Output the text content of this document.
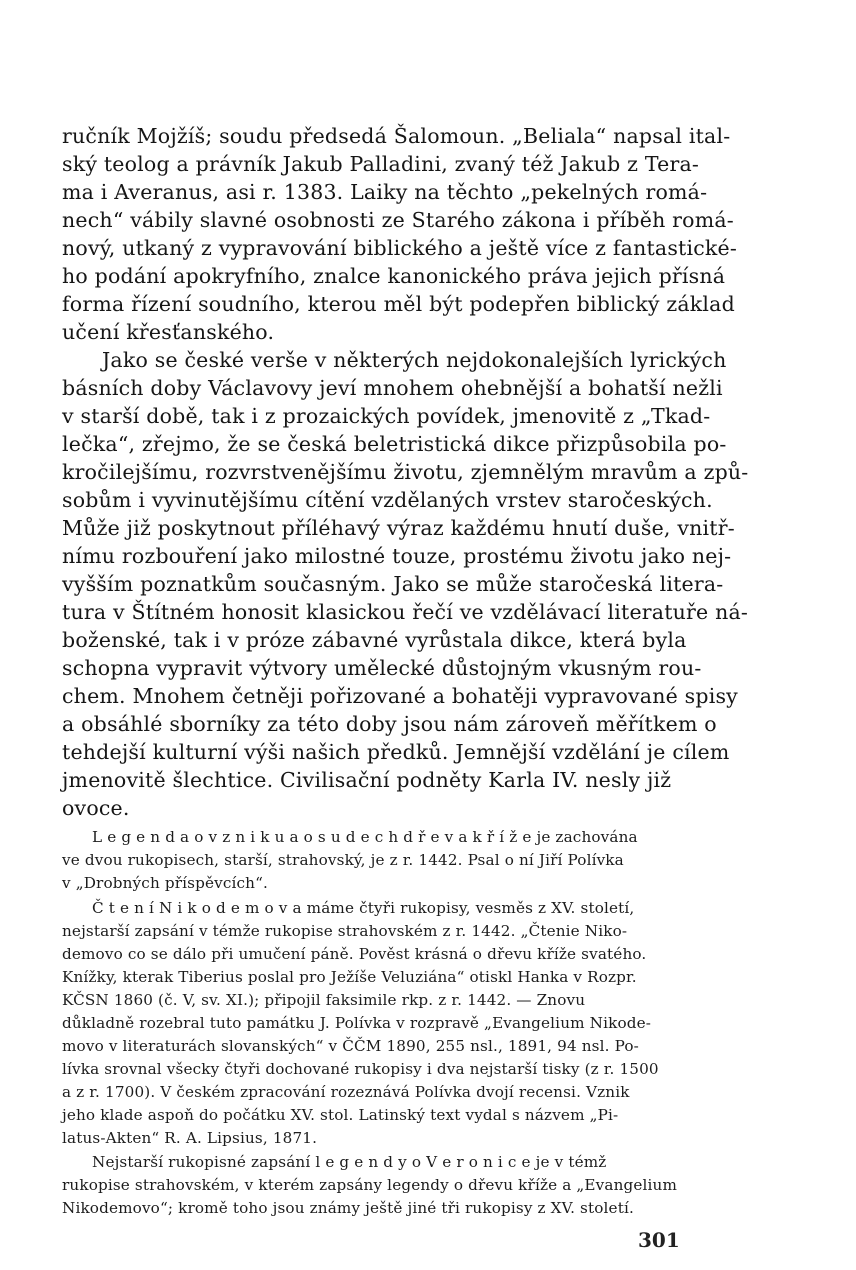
ručník Mojžíš; soudu předsedá Šalomoun. „Beliala“ napsal ital-
ský teolog a právník Jakub Palladini, zvaný též Jakub z Tera-
ma i Averanus, asi r. 1383. Laiky na těchto „pekelných romá-
nech“ vábily slavné osobnosti ze Starého zákona i příběh romá-
nový, utkaný z vypravování biblického a ještě více z fantastické-
ho podání apokryfního, znalce kanonického práva jejich přísná
forma řízení soudního, kterou měl být podepřen biblický základ
učení křesťanského.
Jako se české verše v některých nejdokonalejších lyrických
básních doby Václavovy jeví mnohem ohebnější a bohatší nežli
v starší době, tak i z prozaických povídek, jmenovitě z „Tkad-
lečka“, zřejmo, že se česká beletristická dikce přizpůsobila po-
kročilejšímu, rozvrstvenějšímu životu, zjemnělým mravům a způ-
sobům i vyvinutějšímu cítění vzdělaných vrstev staročeských.
Může již poskytnout příléhavý výraz každému hnutí duše, vnitř-
nímu rozbouření jako milostné touze, prostému životu jako nej-
vyšším poznatkům současným. Jako se může staročeská litera-
tura v Štítném honosit klasickou řečí ve vzdělávací literatuře ná-
boženské, tak i v próze zábavné vyrůstala dikce, která byla
schopna vypravit výtvory umělecké důstojným vkusným rou-
chem. Mnohem četněji pořizované a bohatěji vypravované spisy
a obsáhlé sborníky za této doby jsou nám zároveň měřítkem o
tehdejší kulturní výši našich předků. Jemnější vzdělání je cílem
jmenovitě šlechtice. Civilisační podněty Karla IV. nesly již
ovoce.
L e g e n d a o v z n i k u a o s u d e c h d ř e v a k ř í ž e je zachována
ve dvou rukopisech, starší, strahovský, je z r. 1442. Psal o ní Jiří Polívka
v „Drobných příspěvcích“.
Č t e n í N i k o d e m o v a máme čtyři rukopisy, vesměs z XV. století,
nejstarší zapsání v témže rukopise strahovském z r. 1442. „Čtenie Niko-
demovo co se dálo při umučení páně. Pověst krásná o dřevu kříže svatého.
Knížky, kterak Tiberius poslal pro Ježíše Veluziána“ otiskl Hanka v Rozpr.
KČSN 1860 (č. V, sv. XI.); připojil faksimile rkp. z r. 1442. — Znovu
důkladně rozebral tuto památku J. Polívka v rozpravě „Evangelium Nikode-
movo v literaturách slovanských“ v ČČM 1890, 255 nsl., 1891, 94 nsl. Po-
lívka srovnal všecky čtyři dochované rukopisy i dva nejstarší tisky (z r. 1500
a z r. 1700). V českém zpracování rozeznává Polívka dvojí recensi. Vznik
jeho klade aspoň do počátku XV. stol. Latinský text vydal s názvem „Pi-
latus-Akten“ R. A. Lipsius, 1871.
Nejstarší rukopisné zapsání l e g e n d y o V e r o n i c e je v témž
rukopise strahovském, v kterém zapsány legendy o dřevu kříže a „Evangelium
Nikodemovo“; kromě toho jsou známy ještě jiné tři rukopisy z XV. století.
301
